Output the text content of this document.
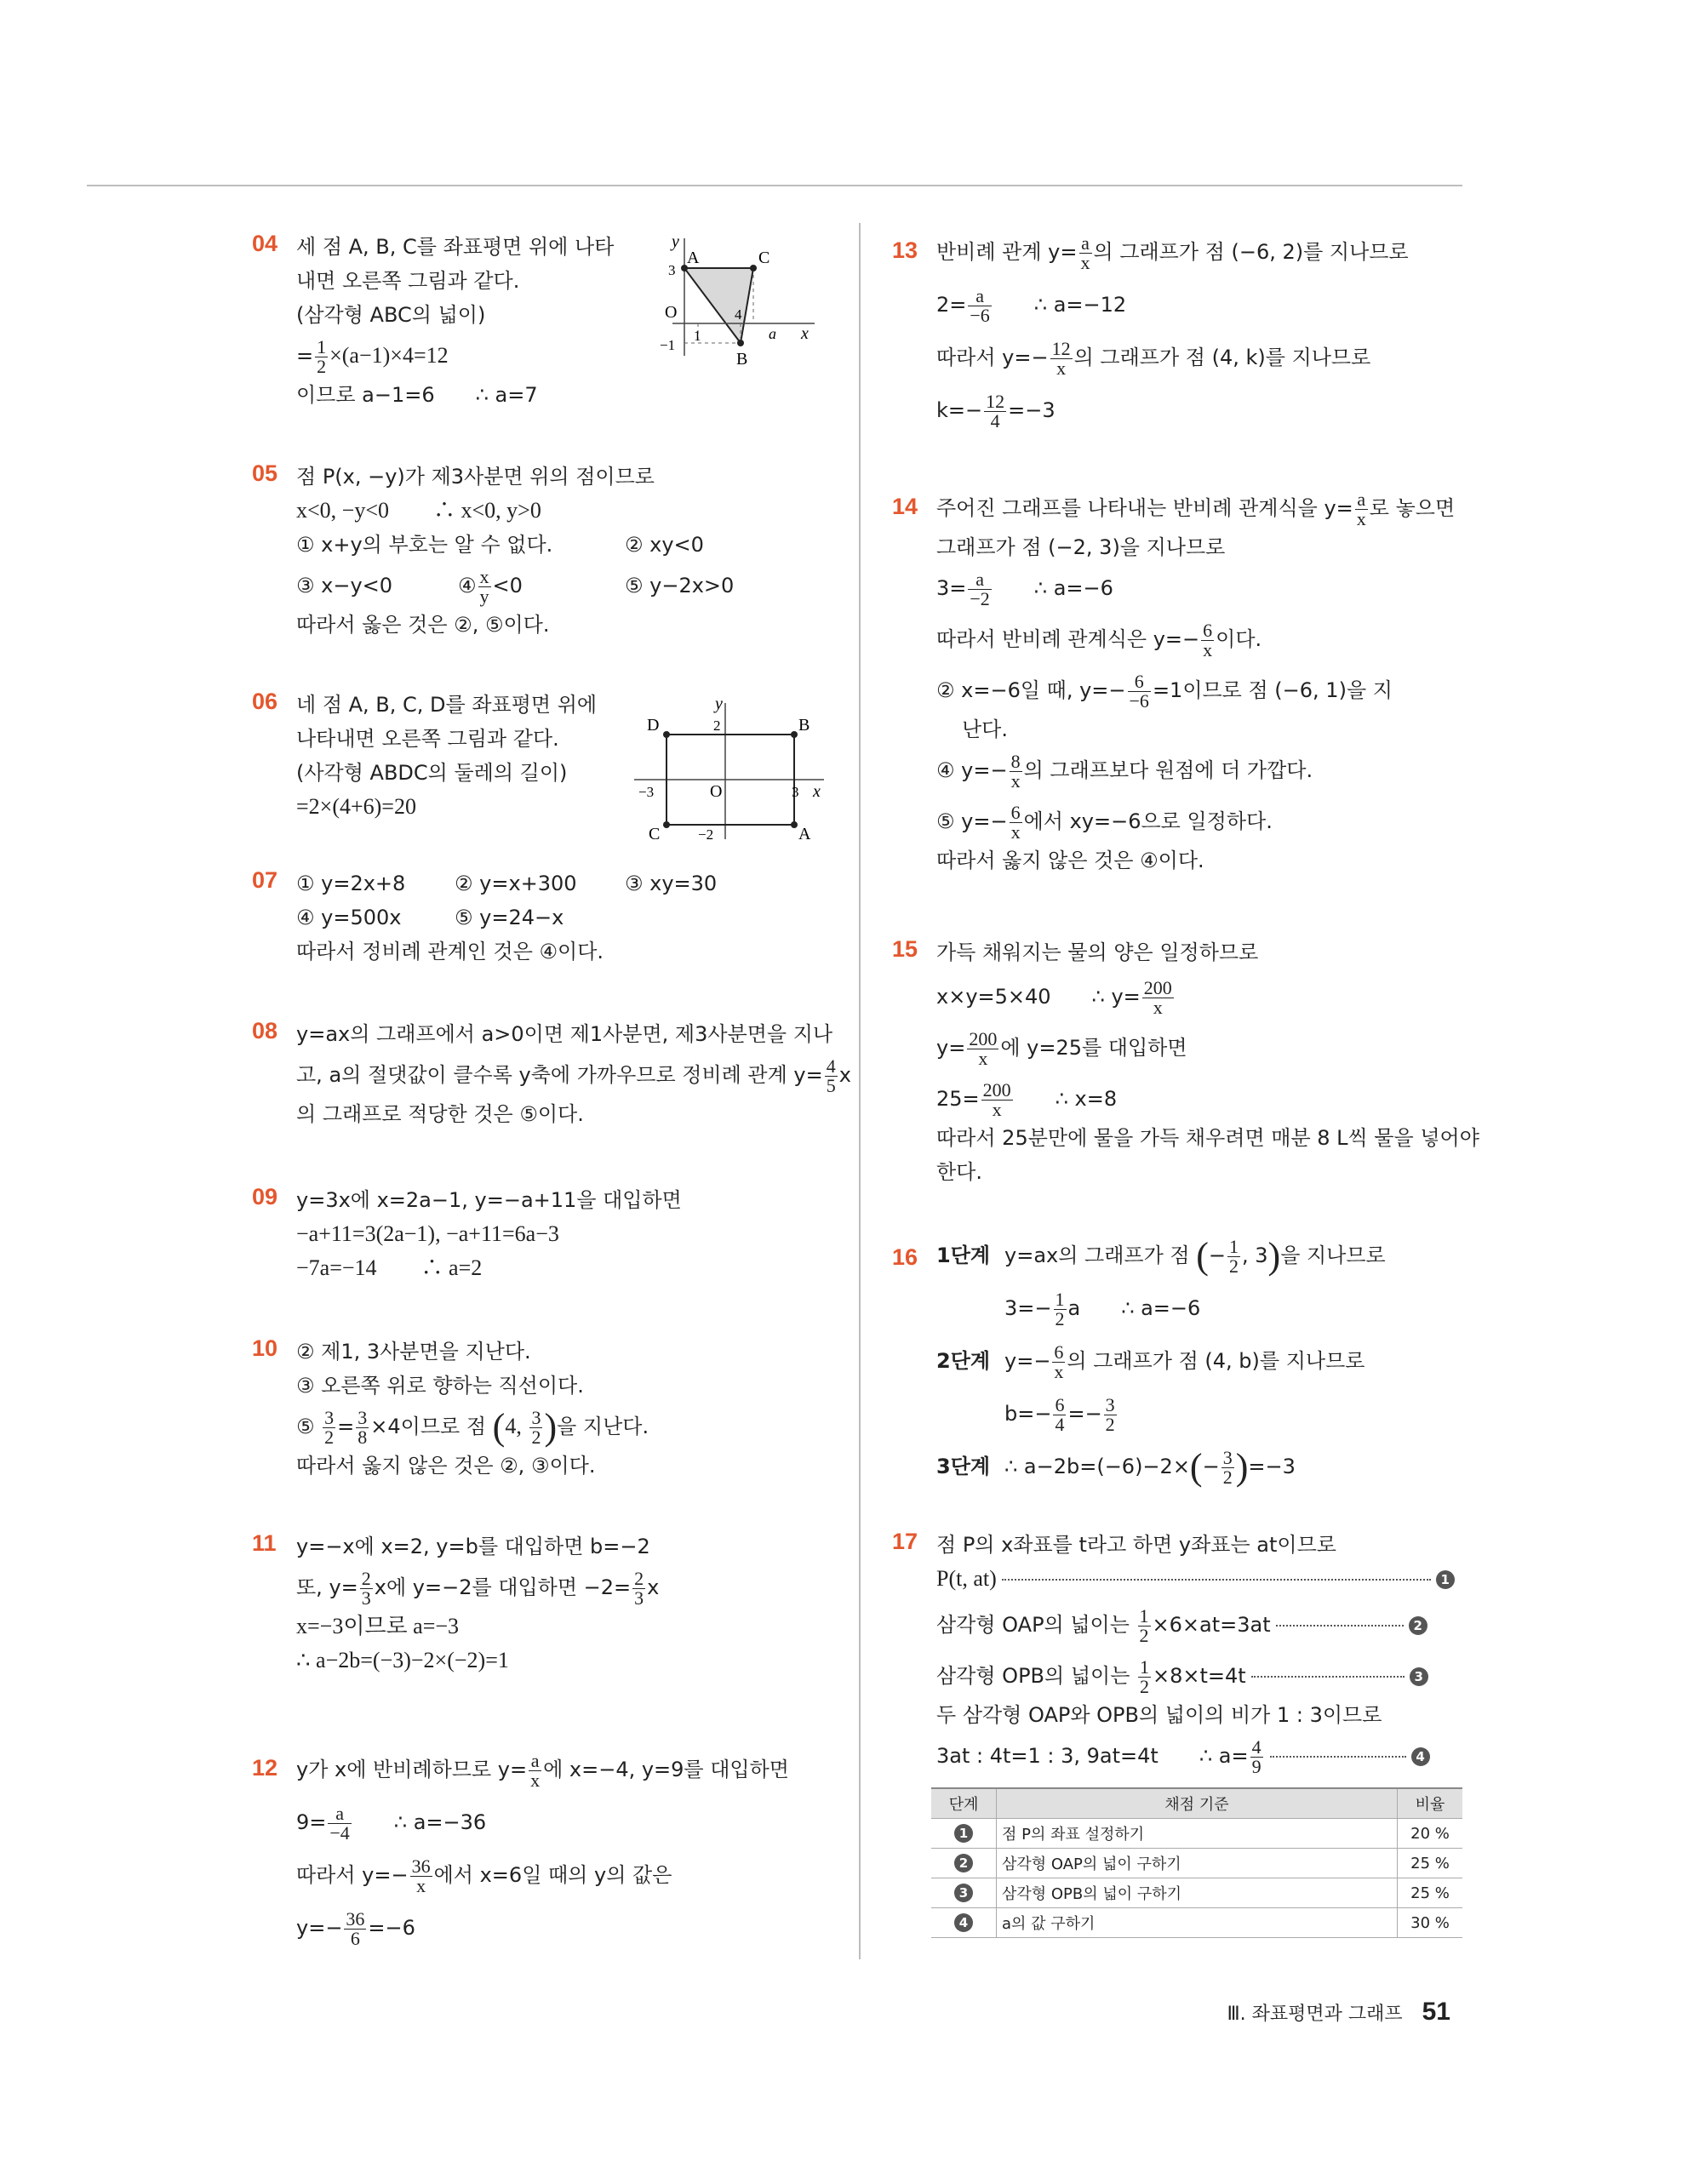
04 세 점 A, B, C를 좌표평면 위에 나타
내면 오른쪽 그림과 같다.
(삼각형 ABC의 넓이)
= $\frac{1}{2} \times(a-1)\times 4=12$
이므로 a−1=6　　∴ a=7
y
x
A	C
B
O
3
−1
1
4
a
05 점 P(x, −y)가 제3사분면 위의 점이므로
x<0, −y<0　　∴ x<0, y>0
① x+y의 부호는 알 수 없다.	② xy<0
③ x−y<0	④ $\frac{x}{y} <0$	⑤ y−2x>0
따라서 옳은 것은 ②, ⑤이다.
06 네 점 A, B, C, D를 좌표평면 위에
나타내면 오른쪽 그림과 같다.
(사각형 ABDC의 둘레의 길이)
=2×(4+6)=20
y
x
D	B
C	A
O
2
−2
−3	3
07 ① y=2x+8 ② y=x+300 ③ xy=30
④ y=500x	⑤ y=24−x
따라서 정비례 관계인 것은 ④이다.
08 y=ax의 그래프에서 a>0이면 제1사분면, 제3사분면을 지나
고, a의 절댓값이 클수록 y축에 가까우므로 정비례 관계 $y= \frac{4}{5}$ x
의 그래프로 적당한 것은 ⑤이다.
09 y=3x에 x=2a−1, y=−a+11을 대입하면
−a+11=3(2a−1), −a+11=6a−3
−7a=−14　　∴ a=2
10 ② 제1, 3사분면을 지난다.
③ 오른쪽 위로 향하는 직선이다.
⑤ $\frac{3}{2} = \frac{3}{8} \times 4$이므로 점 (4, $\frac{3}{2}$ )을 지난다.
따라서 옳지 않은 것은 ②, ③이다.
11 y=−x에 x=2, y=b를 대입하면 b=−2
또, $y= \frac{2}{3}$ x에 y=−2를 대입하면 $-2= \frac{2}{3}$ x
x=−3이므로 a=−3
∴ a−2b=(−3)−2×(−2)=1
12 y가 x에 반비례하므로 $y= \frac{a}{x}$ 에 x=−4, y=9를 대입하면
$9= \frac{a}{-4}$ 　　∴ a=−36
따라서 $y=- \frac{36}{x}$ 에서 x=6일 때의 y의 값은
$y=- \frac{36}{6} =-6$
13 반비례 관계 $y= \frac{a}{x}$ 의 그래프가 점 (−6, 2)를 지나므로
$2= \frac{a}{-6}$ 　　∴ a=−12
따라서 $y=- \frac{12}{x}$ 의 그래프가 점 (4, k)를 지나므로
$k=- \frac{12}{4} =-3$
14 주어진 그래프를 나타내는 반비례 관계식을 $y= \frac{a}{x}$ 로 놓으면
그래프가 점 (−2, 3)을 지나므로
$3= \frac{a}{-2}$ 　　∴ a=−6
따라서 반비례 관계식은 $y=- \frac{6}{x}$ 이다.
② x=−6일 때, $y=- \frac{6}{-6} =1$이므로 점 (−6, 1)을 지
난다.
④ $y=- \frac{8}{x}$ 의 그래프보다 원점에 더 가깝다.
⑤ $y=- \frac{6}{x}$ 에서 xy=−6으로 일정하다.
따라서 옳지 않은 것은 ④이다.
15 가득 채워지는 물의 양은 일정하므로
x×y=5×40　　∴ $y= \frac{200}{x}$
$y= \frac{200}{x}$ 에 y=25를 대입하면
$25= \frac{200}{x}$ 　　∴ x=8
따라서 25분만에 물을 가득 채우려면 매분 8 L씩 물을 넣어야
한다.
16 1단계 y=ax의 그래프가 점 (− $\frac{1}{2}$ , 3)을 지나므로
$3=- \frac{1}{2}$ a　　∴ a=−6
2단계 $y=- \frac{6}{x}$ 의 그래프가 점 (4, b)를 지나므로
$b=- \frac{6}{4} =- \frac{3}{2}$
3단계 ∴ $a-2b=(-6)-2\times(- \frac{3}{2} )=-3$
17 점 P의 x좌표를 t라고 하면 y좌표는 at이므로
P(t, at)	1
삼각형 OAP의 넓이는 $\frac{1}{2} \times 6\times at=3at$	2
삼각형 OPB의 넓이는 $\frac{1}{2} \times 8\times t=4t$	3
두 삼각형 OAP와 OPB의 넓이의 비가 1 : 3이므로
3at : 4t=1 : 3, 9at=4t　　∴ $a= \frac{4}{9}$	4
단계	채점 기준	비율
1	점 P의 좌표 설정하기	20 %
2	삼각형 OAP의 넓이 구하기	25 %
3	삼각형 OPB의 넓이 구하기	25 %
4	a의 값 구하기	30 %
Ⅲ. 좌표평면과 그래프 51
